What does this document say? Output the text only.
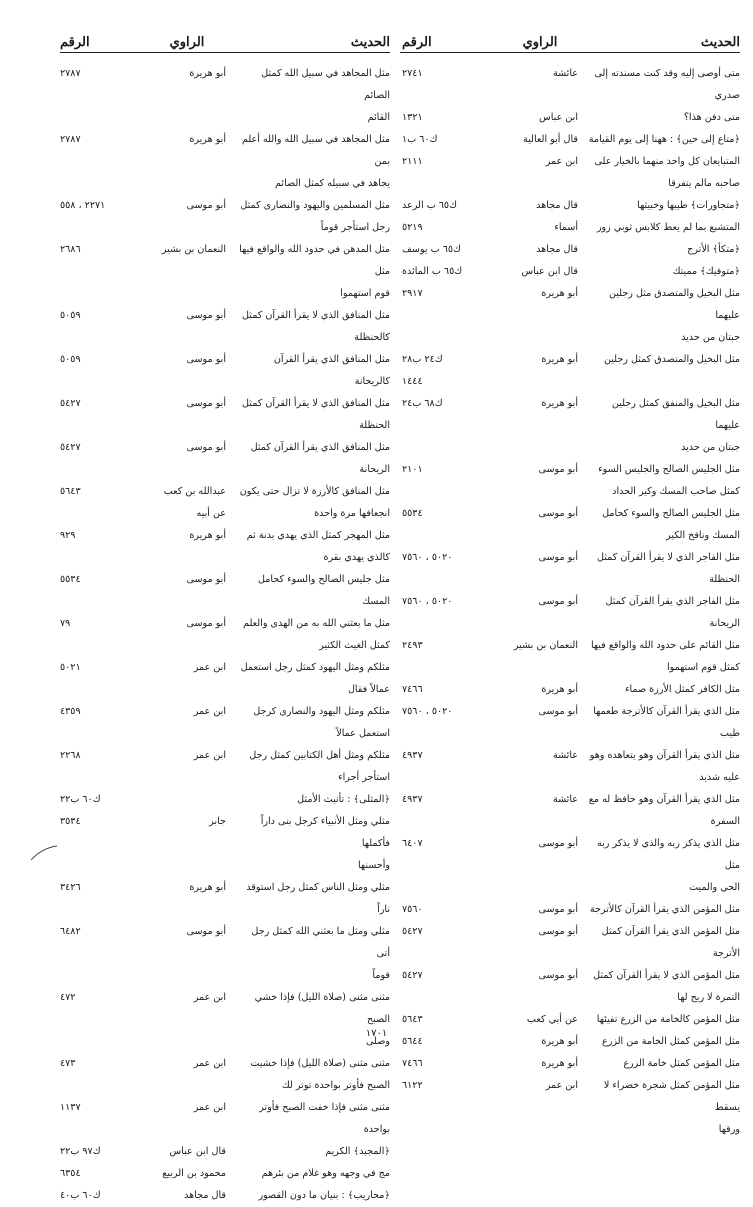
الحديث
الراوي
الرقم
متى أوصى إليه وقد كنت مسندته إلى
عائشة
٢٧٤١
صدري
متى دفن هذا؟
ابن عباس
١٣٢١
﴿متاع إلى حين﴾ : ههنا إلى يوم القيامة
قال أبو العالية
ك٦٠ ب١
المتبايعان كل واحد منهما بالخيار على
ابن عمر
٢١١١
صاحبه مالم يتفرقا
﴿متجاورات﴾ طيبها وخبيثها
قال مجاهد
ك٦٥ ب الرعد
المتشبع بما لم يعط كلابس ثوبي زور
أسماء
٥٢١٩
﴿متكأ﴾ الأترج
قال مجاهد
ك٦٥ ب يوسف
﴿متوفيك﴾ مميتك
قال ابن عباس
ك٦٥ ب المائدة
مثل البخيل والمتصدق مثل رجلين عليهما
أبو هريرة
٢٩١٧
جبتان من حديد
مثل البخيل والمتصدق كمثل رجلين
أبو هريرة
ك٢٤ ب٢٨
١٤٤٤
مثل البخيل والمنفق كمثل رجلين عليهما
أبو هريرة
ك٦٨ ب٢٤
جبتان من حديد
مثل الجليس الصالح والجليس السوء
أبو موسى
٢١٠١
كمثل صاحب المسك وكير الحداد
مثل الجليس الصالح والسوء كحامل
أبو موسى
٥٥٣٤
المسك ونافخ الكير
مثل الفاجر الذي لا يقرأ القرآن كمثل
أبو موسى
٥٠٢٠ ، ٧٥٦٠
الحنظلة
مثل الفاجر الذي يقرأ القرآن كمثل الريحانة
أبو موسى
٥٠٢٠ ، ٧٥٦٠
مثل القائم على حدود الله والواقع فيها
النعمان بن بشير
٢٤٩٣
كمثل قوم استهموا
مثل الكافر كمثل الأرزة صماء
أبو هريرة
٧٤٦٦
مثل الذي يقرأ القرآن كالأترجة طعمها
أبو موسى
٥٠٢٠ ، ٧٥٦٠
طيب
مثل الذي يقرأ القرآن وهو يتعاهده وهو
عائشة
٤٩٣٧
عليه شديد
مثل الذي يقرأ القرآن وهو حافظ له مع
عائشة
٤٩٣٧
السفرة
مثل الذي يذكر ربه والذي لا يذكر ربه مثل
أبو موسى
٦٤٠٧
الحي والميت
مثل المؤمن الذي يقرأ القرآن كالأترجة
أبو موسى
٧٥٦٠
مثل المؤمن الذي يقرأ القرآن كمثل الأترجة
أبو موسى
٥٤٢٧
مثل المؤمن الذي لا يقرأ القرآن كمثل
أبو موسى
٥٤٢٧
التمرة لا ريح لها
مثل المؤمن كالخامة من الزرع تفيئها
عن أبي كعب
٥٦٤٣
مثل المؤمن كمثل الخامة من الزرع
أبو هريرة
٥٦٤٤
مثل المؤمن كمثل خامة الزرع
أبو هريرة
٧٤٦٦
مثل المؤمن كمثل شجرة خضراء لا يسقط
ابن عمر
٦١٢٢
ورقها
الحديث
الراوي
الرقم
مثل المجاهد في سبيل الله كمثل الصائم
أبو هريرة
٢٧٨٧
القائم
مثل المجاهد في سبيل الله والله أعلم بمن
أبو هريرة
٢٧٨٧
يجاهد في سبيله كمثل الصائم
مثل المسلمين واليهود والنصارى كمثل
أبو موسى
٢٢٧١ ، ٥٥٨
رجل استأجر قوماً
مثل المدهن في حدود الله والواقع فيها مثل
النعمان بن بشير
٢٦٨٦
قوم استهموا
مثل المنافق الذي لا يقرأ القرآن كمثل
أبو موسى
٥٠٥٩
كالحنظلة
مثل المنافق الذي يقرأ القرآن كالريحانة
أبو موسى
٥٠٥٩
مثل المنافق الذي لا يقرأ القرآن كمثل
أبو موسى
٥٤٢٧
الحنظلة
مثل المنافق الذي يقرأ القرآن كمثل
أبو موسى
٥٤٢٧
الريحانة
مثل المنافق كالأرزة لا تزال حتى يكون
عبدالله بن كعب
٥٦٤٣
انجعافها مرة واحدة
عن أبيه
مثل المهجر كمثل الذي يهدي بدنة ثم
أبو هريرة
٩٢٩
كالذي يهدي بقرة
مثل جليس الصالح والسوء كحامل
أبو موسى
٥٥٣٤
المسك
مثل ما بعثني الله به من الهدى والعلم
أبو موسى
٧٩
كمثل الغيث الكثير
مثلكم ومثل اليهود كمثل رجل استعمل
ابن عمر
٥٠٢١
عمالاً فقال
مثلكم ومثل اليهود والنصارى كرجل
ابن عمر
٤٣٥٩
استعمل عمالاً
مثلكم ومثل أهل الكتابين كمثل رجل
ابن عمر
٢٢٦٨
استأجر أجراء
﴿المثلى﴾ : تأنيث الأمثل
ك٦٠ ب٢٢
مثلي ومثل الأنبياء كرجل بنى داراً فأكملها
جابر
٣٥٣٤
وأحسنها
مثلي ومثل الناس كمثل رجل استوقد ناراً
أبو هريرة
٣٤٢٦
مثلي ومثل ما بعثني الله كمثل رجل أتى
أبو موسى
٦٤٨٢
قوماً
مثنى مثنى (صلاة الليل) فإذا خشي الصبح
ابن عمر
٤٧٢
وصلى
مثنى مثنى (صلاة الليل) فإذا خشيت
ابن عمر
٤٧٣
الصبح فأوتر بواحدة توتر لك
مثنى مثنى فإذا خفت الصبح فأوتر بواحدة
ابن عمر
١١٣٧
﴿المجيد﴾ الكريم
قال ابن عباس
ك٩٧ ب٢٢
مج في وجهه وهو غلام من بئرهم
محمود بن الربيع
٦٣٥٤
﴿محاريب﴾ : بنيان ما دون القصور
قال مجاهد
ك٦٠ ب٤٠
١٧٠١
